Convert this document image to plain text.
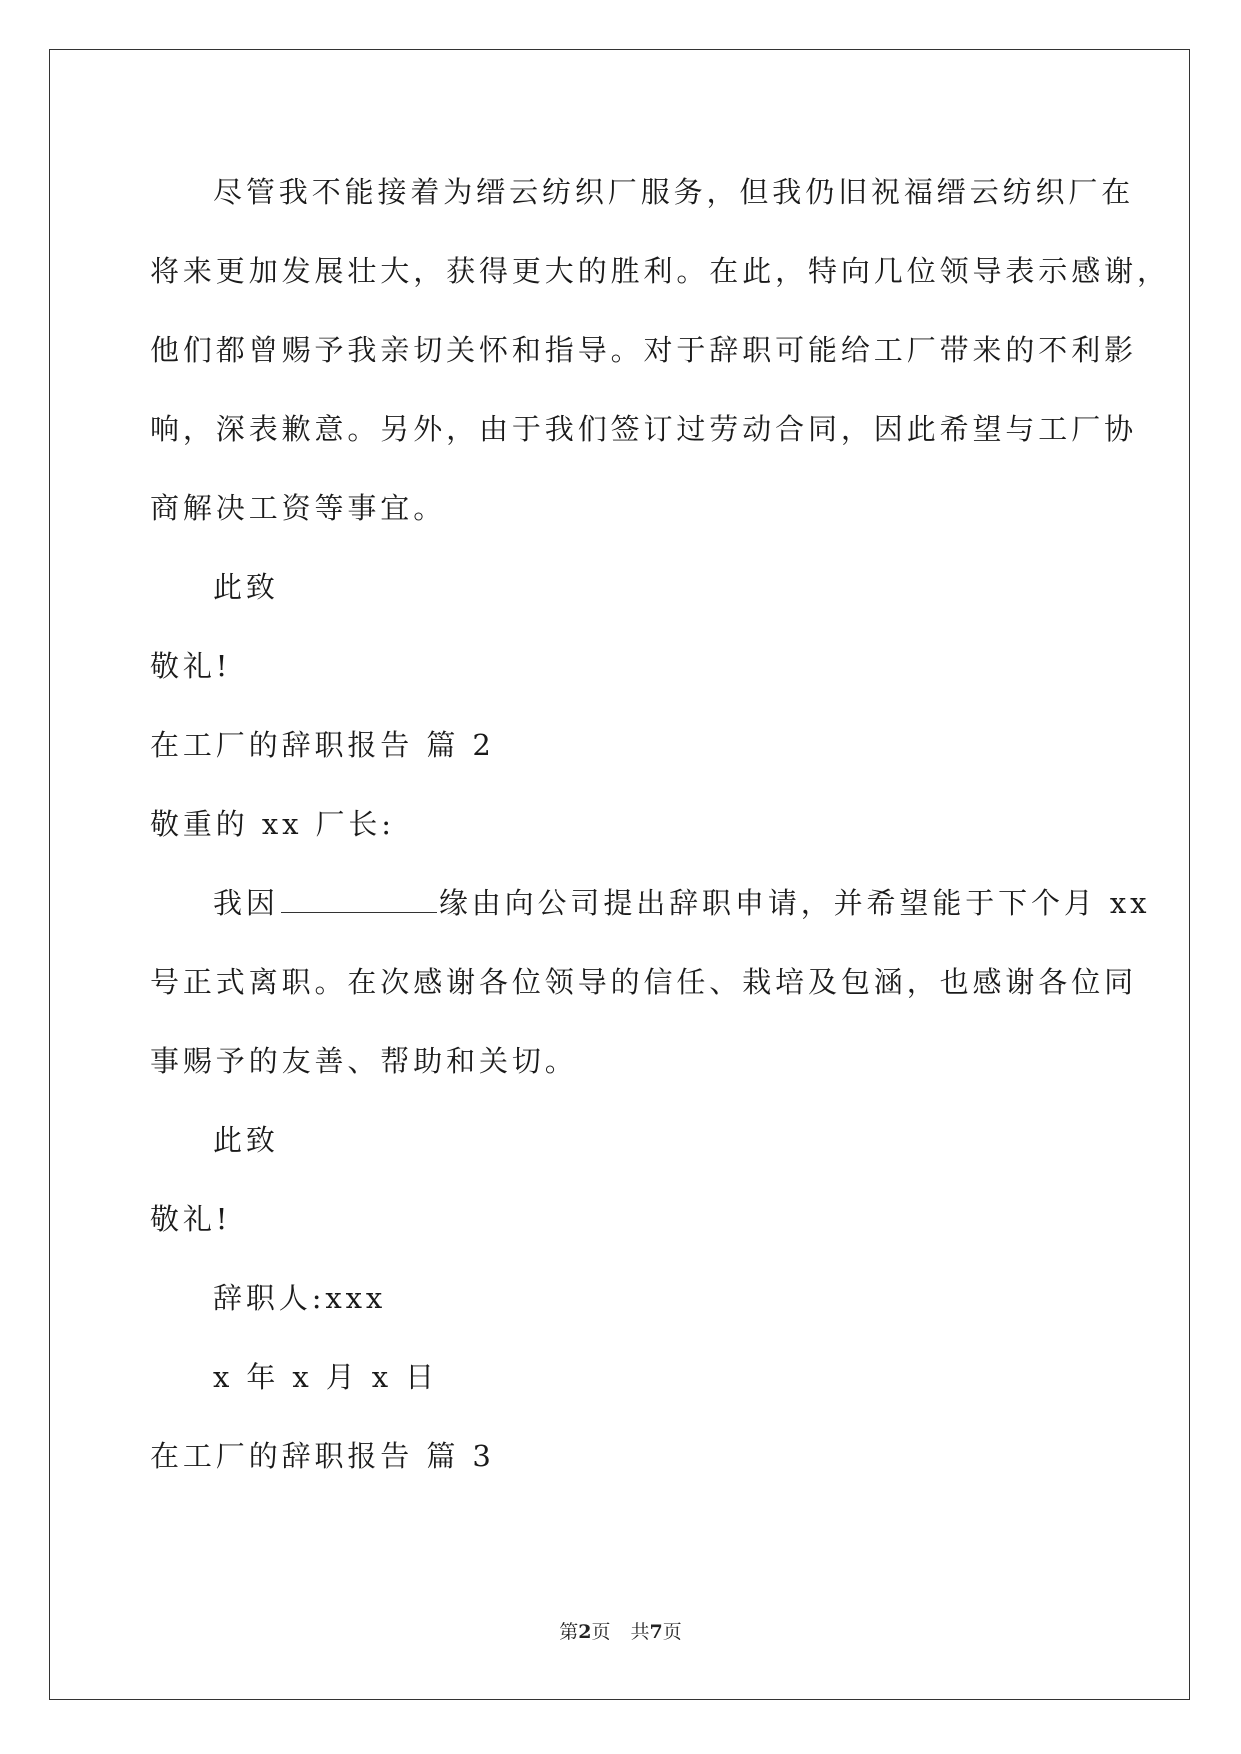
尽管我不能接着为缙云纺织厂服务，但我仍旧祝福缙云纺织厂在
将来更加发展壮大，获得更大的胜利。在此，特向几位领导表示感谢，
他们都曾赐予我亲切关怀和指导。对于辞职可能给工厂带来的不利影
响，深表歉意。另外，由于我们签订过劳动合同，因此希望与工厂协
商解决工资等事宜。
此致
敬礼!
在工厂的辞职报告 篇 2
敬重的 xx 厂长:
我因	缘由向公司提出辞职申请，并希望能于下个月 xx
号正式离职。在次感谢各位领导的信任、栽培及包涵，也感谢各位同
事赐予的友善、帮助和关切。
此致
敬礼!
辞职人:xxx
x 年 x 月 x 日
在工厂的辞职报告 篇 3
第2页 共7页
